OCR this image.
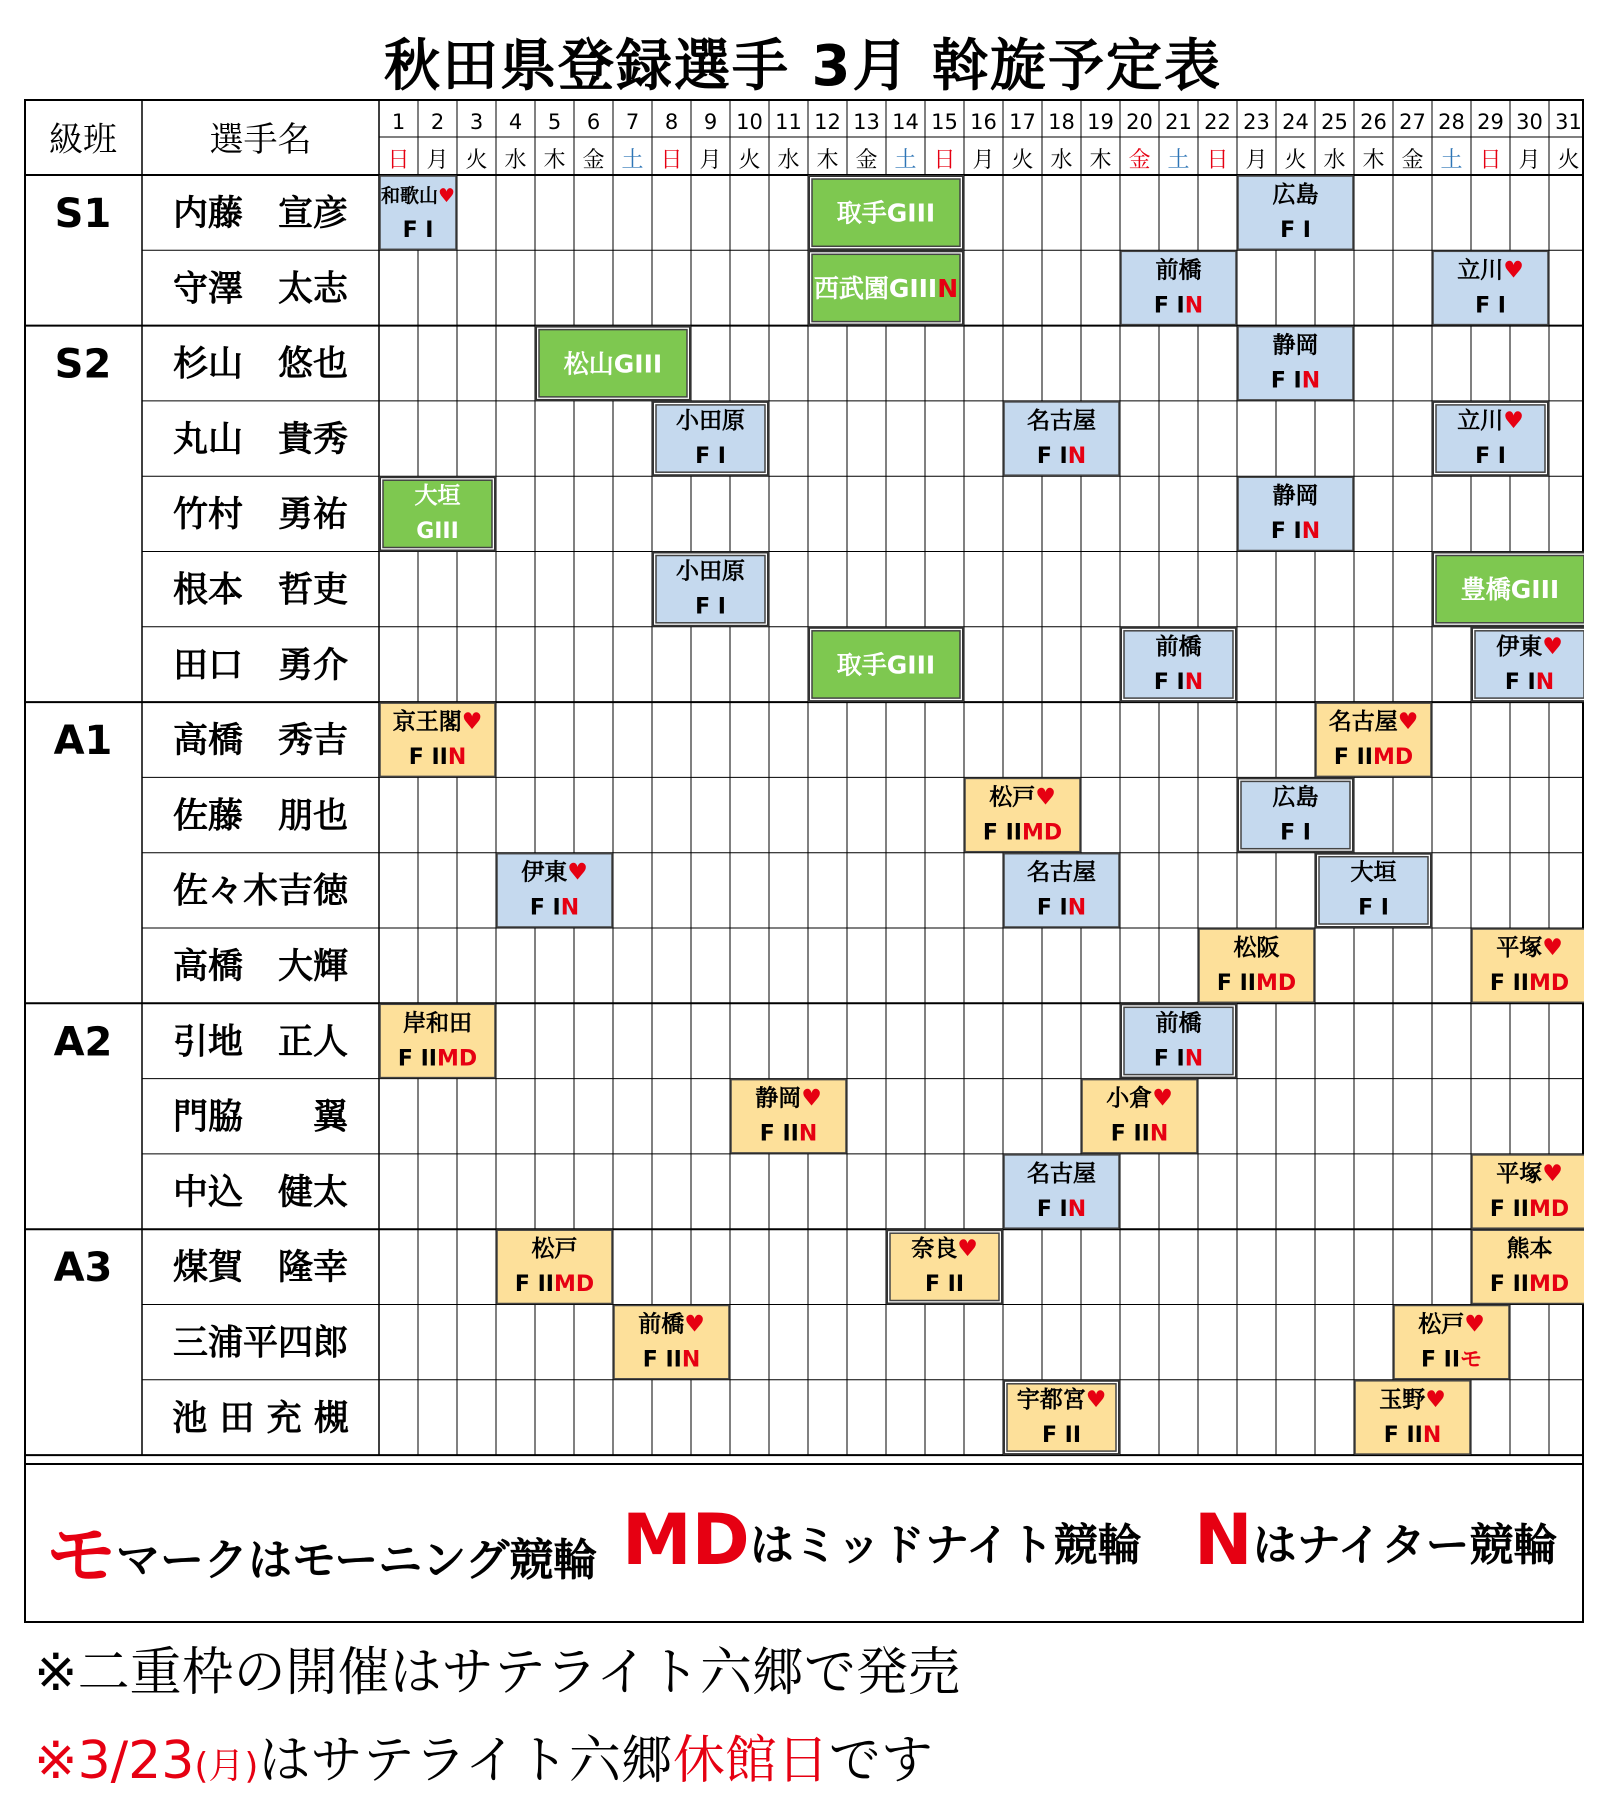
秋田県登録選手 3月 斡旋予定表
級班	選手名	1
日
2
月
3
火
4
水
5
木
6
金
7
土
8
日
9
月
10
火
11
水
12
木
13
金
14
土
15
日
16
月
17
火
18
水
19
木
20
金
21
土
22
日
23
月
24
火
25
水
26
木
27
金
28
土
29
日
30
月
31
火
S1
S2
A1
A2
A3
内藤　宣彦
守澤　太志
杉山　悠也
丸山　貴秀
竹村　勇祐
根本　哲吏
田口　勇介
高橋　秀吉
佐藤　朋也
佐々木吉徳
高橋　大輝
引地　正人
門脇　　翼
中込　健太
煤賀　隆幸
三浦平四郎
池 田 充 槻
和歌山♥
F I
取手GIII
広島
F I
西武園GIIIN
前橋
F IN
立川♥
F I
松山GIII
静岡
F IN
小田原
F I
名古屋
F IN
立川♥
F I
大垣
GIII
静岡
F IN
小田原
F I
豊橋GIII
取手GIII
前橋
F IN
伊東♥
F IN
京王閣♥
F IIN
名古屋♥
F IIMD
松戸♥
F IIMD
広島
F I
伊東♥
F IN
名古屋
F IN
大垣
F I
松阪
F IIMD
平塚♥
F IIMD
岸和田
F IIMD
前橋
F IN
静岡♥
F IIN
小倉♥
F IIN
名古屋
F IN
平塚♥
F IIMD
松戸
F IIMD
奈良♥
F II
熊本
F IIMD
前橋♥
F IIN
松戸♥
F IIモ
宇都宮♥
F II
玉野♥
F IIN
モマークはモーニング競輪 MDはミッドナイト競輪 Nはナイター競輪
※二重枠の開催はサテライト六郷で発売
※3/23(月)はサテライト六郷休館日です
